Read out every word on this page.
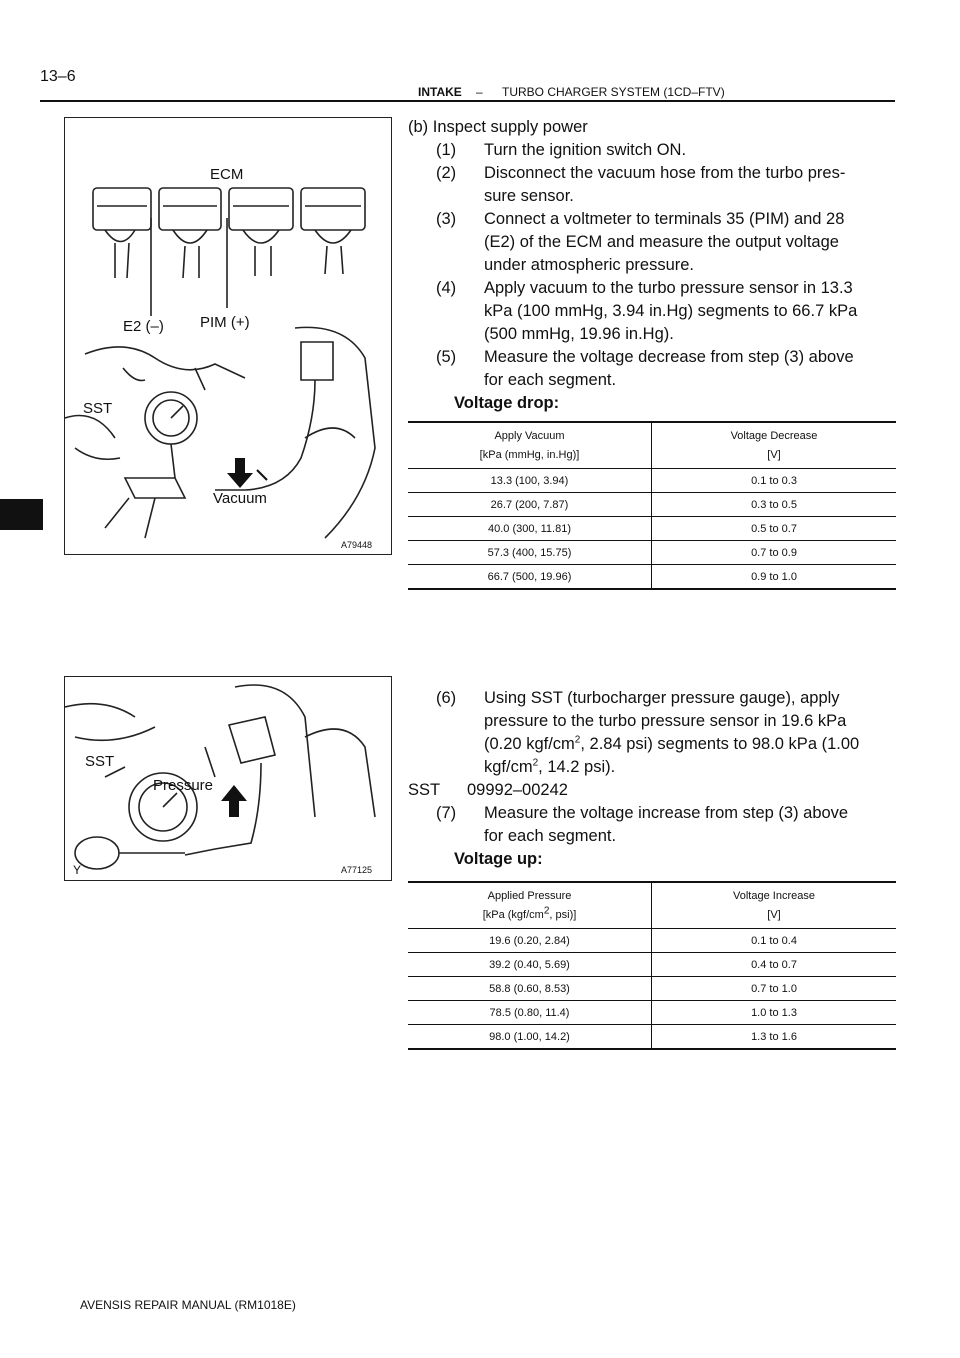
13–6
INTAKE – TURBO CHARGER SYSTEM (1CD–FTV)
ECM
E2 (–) PIM (+)
SST
Vacuum
A79448
SST
Pressure
Y	A77125
(b) Inspect supply power
(1) Turn the ignition switch ON.
(2) Disconnect the vacuum hose from the turbo pres-
sure sensor.
(3) Connect a voltmeter to terminals 35 (PIM) and 28
(E2) of the ECM and measure the output voltage
under atmospheric pressure.
(4) Apply vacuum to the turbo pressure sensor in 13.3
kPa (100 mmHg, 3.94 in.Hg) segments to 66.7 kPa
(500 mmHg, 19.96 in.Hg).
(5) Measure the voltage decrease from step (3) above
for each segment.
Voltage drop:
Apply Vacuum
[kPa (mmHg, in.Hg)]	Voltage Decrease
[V]
13.3 (100, 3.94)	0.1 to 0.3
26.7 (200, 7.87)	0.3 to 0.5
40.0 (300, 11.81)	0.5 to 0.7
57.3 (400, 15.75)	0.7 to 0.9
66.7 (500, 19.96)	0.9 to 1.0
(6) Using SST (turbocharger pressure gauge), apply
pressure to the turbo pressure sensor in 19.6 kPa
(0.20 kgf/$cm^2$, 2.84 psi) segments to 98.0 kPa (1.00
kgf/$cm^2$, 14.2 psi).
SST 09992–00242
(7) Measure the voltage increase from step (3) above
for each segment.
Voltage up:
Applied Pressure
[kPa (kgf/cm2, psi)]	Voltage Increase
[V]
19.6 (0.20, 2.84)	0.1 to 0.4
39.2 (0.40, 5.69)	0.4 to 0.7
58.8 (0.60, 8.53)	0.7 to 1.0
78.5 (0.80, 11.4)	1.0 to 1.3
98.0 (1.00, 14.2)	1.3 to 1.6
AVENSIS REPAIR MANUAL (RM1018E)
